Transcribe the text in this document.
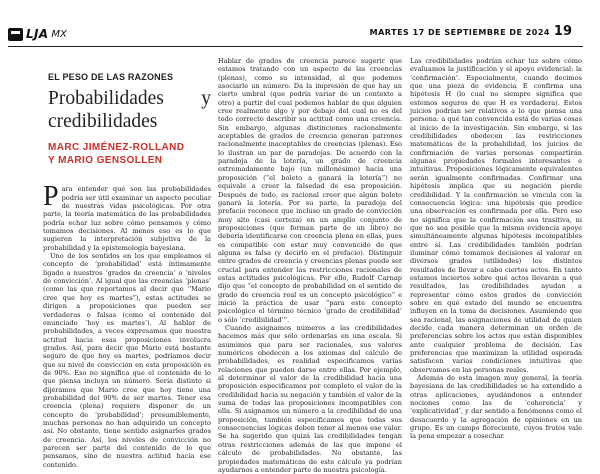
LJA MX	MARTES 17 DE SEPTIEMBRE DE 2024 19
EL PESO DE LAS RAZONES
Probabilidades y credibilidades
MARC JIMÉNEZ-ROLLAND
Y MARIO GENSOLLEN

Para entender qué son las probabilidades podría ser útil examinar un aspecto peculiar de nuestras vidas psicológicas. Por otra parte, la teoría matemática de las probabilidades podría echar luz sobre cómo pensamos y cómo tomamos decisiones. Al menos eso es lo que sugieren la interpretación subjetiva de la probabilidad y la epistemología bayesiana.

Uno de los sentidos en los que empleamos el concepto de ‘probabilidad’ está íntimamente ligado a nuestros ‘grados de creencia’ o ‘niveles de convicción’. Al igual que las creencias ‘plenas’ (como las que reportamos al decir que “Mario cree que hoy es martes”), estas actitudes se dirigen a proposiciones que pueden ser verdaderas o falsas (como el contenido del enunciado ‘hoy es martes’). Al hablar de probabilidades, a veces expresamos que nuestra actitud hacia esas proposiciones involucra grados. Así, para decir que Mario está bastante seguro de que hoy es martes, podríamos decir que su nivel de convicción en esta proposición es de 90%. Eso no significa que el contenido de lo que piensa incluya un número. Sería distinto si dijéramos que Mario cree que hoy tiene una probabilidad del 90% de ser martes. Tener esa creencia (plena) requiere disponer de un concepto de ‘probabilidad’; presumiblemente, muchas personas no han adquirido un concepto así. No obstante, tiene sentido asignarles grados de creencia. Así, los niveles de convicción no parecen ser parte del contenido de lo que pensamos, sino de nuestra actitud hacia ese contenido.

Hablar de grados de creencia parece sugerir que estamos tratando con un aspecto de las creencias (plenas), como su intensidad, al que podemos asociarle un número. Da la impresión de que hay un cierto umbral (que podría variar de un contexto a otro) a partir del cual podemos hablar de que alguien cree realmente algo y por debajo del cual no es del todo correcto describir su actitud como una creencia. Sin embargo, algunas distinciones racionalmente aceptables de grados de creencia generan patrones racionalmente inaceptables de creencias (plenas). Eso lo ilustran un par de paradojas. De acuerdo con la paradoja de la lotería, un grado de creencia extremadamente bajo (un millonésimo) hacia una proposición (“el boleto a ganará la lotería”) no equivale a creer la falsedad de esa proposición. Después de todo, es racional creer que algún boleto ganará la lotería. Por su parte, la paradoja del prefacio reconoce que incluso un grado de convicción muy alto (casi certeza) en un amplio conjunto de proposiciones (que forman parte de un libro) no debería identificarse con creencia plena en ellas, pues es compatible con estar muy convencido de que alguna es falsa (y decirlo en el prefacio). Distinguir entre grados de creencia y creencias plenas puede ser crucial para entender las restricciones racionales de estas actitudes psicológicas. Por ello, Rudolf Carnap dijo que “el concepto de probabilidad en el sentido de grado de creencia real es un concepto psicológico” e inició la práctica de usar “para este concepto psicológico el término técnico ‘grado de credibilidad’ o sólo ‘credibilidad’”.

Cuando asignamos números a las credibilidades hacemos más que sólo ordenarlas en una escala. Si asumimos que para ser racionales, sus valores numéricos obedecen a los axiomas del cálculo de probabilidades, es realidad especificamos varias relaciones que pueden darse entre ellas. Por ejemplo, al determinar el valor de la credibilidad hacia una proposición especificamos por completo el valor de la credibilidad hacia su negación y también el valor de la suma de todas las proposiciones incompatibles con ella. Si asignamos un número a la credibilidad de una proposición, también especificamos que todas sus consecuencias lógicas deben tener al menos ese valor. Se ha sugerido que quizá las credibilidades tengan otras restricciones además de las que impone el cálculo de probabilidades. No obstante, las propiedades matemáticas de este cálculo ya podrían ayudarnos a entender parte de nuestra psicología.

Las credibilidades podrían echar luz sobre cómo evaluamos la justificación y el apoyo evidencial: la ‘confirmación’. Especialmente, cuando decimos que una pieza de evidencia E confirma una hipótesis H (lo cual no siempre significa que estemos seguros de que H es verdadera). Estos juicios podrían ser relativos a lo que piensa una persona: a qué tan convencida está de varias cosas al inicio de la investigación. Sin embargo, si las credibilidades obedecen las restricciones matemáticas de la probabilidad, los juicios de confirmación de varias personas compartirán algunas propiedades formales interesantes e intuitivas. Proposiciones lógicamente equivalentes serán igualmente confirmadas. Confirmar una hipótesis implica que su negación pierde credibilidad. Y la confirmación se vincula con la consecuencia lógica: una hipótesis que predice una observación es confirmada por ella. Pero eso no significa que la confirmación sea trasitiva, ni que no sea posible que la misma evidencia apoye simultáneamente algunas hipótesis incompatibles entre sí. Las credibilidades también podrían iluminar cómo tomamos decisiones al valorar en diversos grados (utilidades) los distintos resultados de llevar a cabo ciertos actos. En tanto estamos inciertos sobre qué actos llevarán a qué resultados, las credibilidades ayudan a representar cómo estos grados de convicción sobre en qué estado del mundo se encuentra influyen en la toma de decisiones. Asumiendo que sea racional, las asignaciones de utilidad de quien decide cada manera determinan un orden de preferencias sobre los actos que están disponibles ante cualquier problema de decisión. Las preferencias que maximizan la utilidad esperada satisfacen varias condiciones intuitivas que observamos en las personas reales.

Además de esta imagen muy general, la teoría bayesiana de las credibilidades se ha extendido a otras aplicaciones, ayudándonos a entender nociones como las de ‘coherencia’ y ‘explicatividad’, y dar sentido a fenómenos como el desacuerdo y la agregación de opiniones en un grupo. Es un campo floreciente, cuyos frutos vale la pena empezar a cosechar.
